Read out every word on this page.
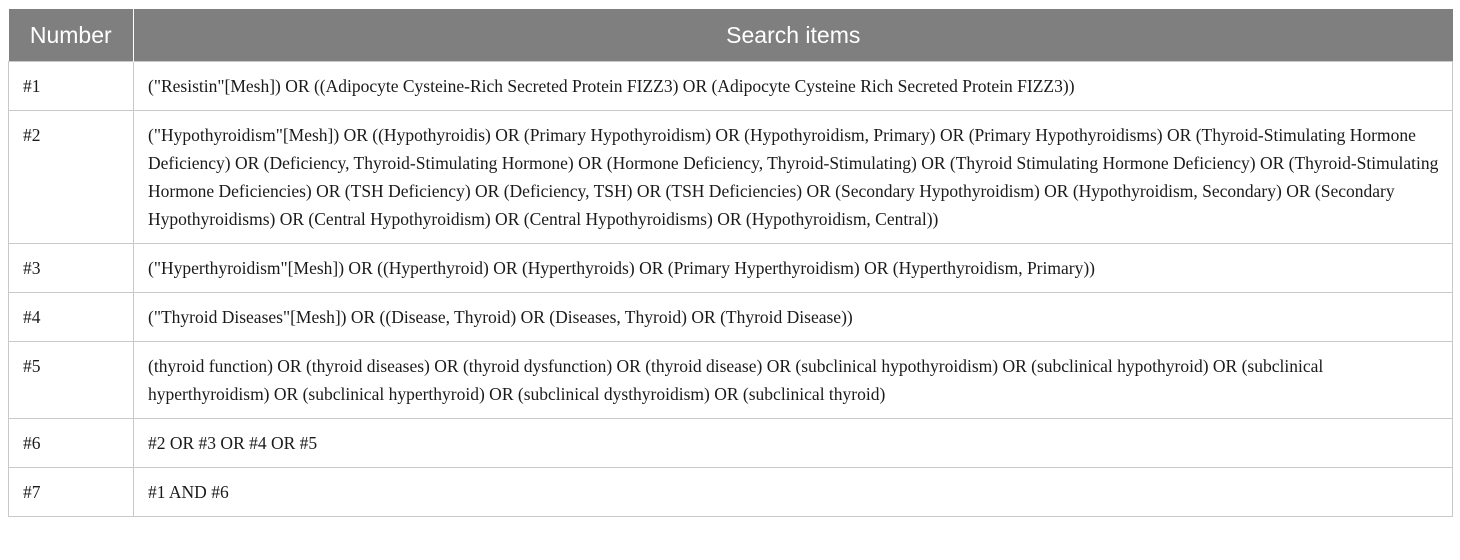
Number	Search items
#1	("Resistin"[Mesh]) OR ((Adipocyte Cysteine-Rich Secreted Protein FIZZ3) OR (Adipocyte Cysteine Rich Secreted Protein FIZZ3))
#2	("Hypothyroidism"[Mesh]) OR ((Hypothyroidis) OR (Primary Hypothyroidism) OR (Hypothyroidism, Primary) OR (Primary Hypothyroidisms) OR (Thyroid-Stimulating Hormone Deficiency) OR (Deficiency, Thyroid-Stimulating Hormone) OR (Hormone Deficiency, Thyroid-Stimulating) OR (Thyroid Stimulating Hormone Deficiency) OR (Thyroid-Stimulating Hormone Deficiencies) OR (TSH Deficiency) OR (Deficiency, TSH) OR (TSH Deficiencies) OR (Secondary Hypothyroidism) OR (Hypothyroidism, Secondary) OR (Secondary Hypothyroidisms) OR (Central Hypothyroidism) OR (Central Hypothyroidisms) OR (Hypothyroidism, Central))
#3	("Hyperthyroidism"[Mesh]) OR ((Hyperthyroid) OR (Hyperthyroids) OR (Primary Hyperthyroidism) OR (Hyperthyroidism, Primary))
#4	("Thyroid Diseases"[Mesh]) OR ((Disease, Thyroid) OR (Diseases, Thyroid) OR (Thyroid Disease))
#5	(thyroid function) OR (thyroid diseases) OR (thyroid dysfunction) OR (thyroid disease) OR (subclinical hypothyroidism) OR (subclinical hypothyroid) OR (subclinical hyperthyroidism) OR (subclinical hyperthyroid) OR (subclinical dysthyroidism) OR (subclinical thyroid)
#6	#2 OR #3 OR #4 OR #5
#7	#1 AND #6
